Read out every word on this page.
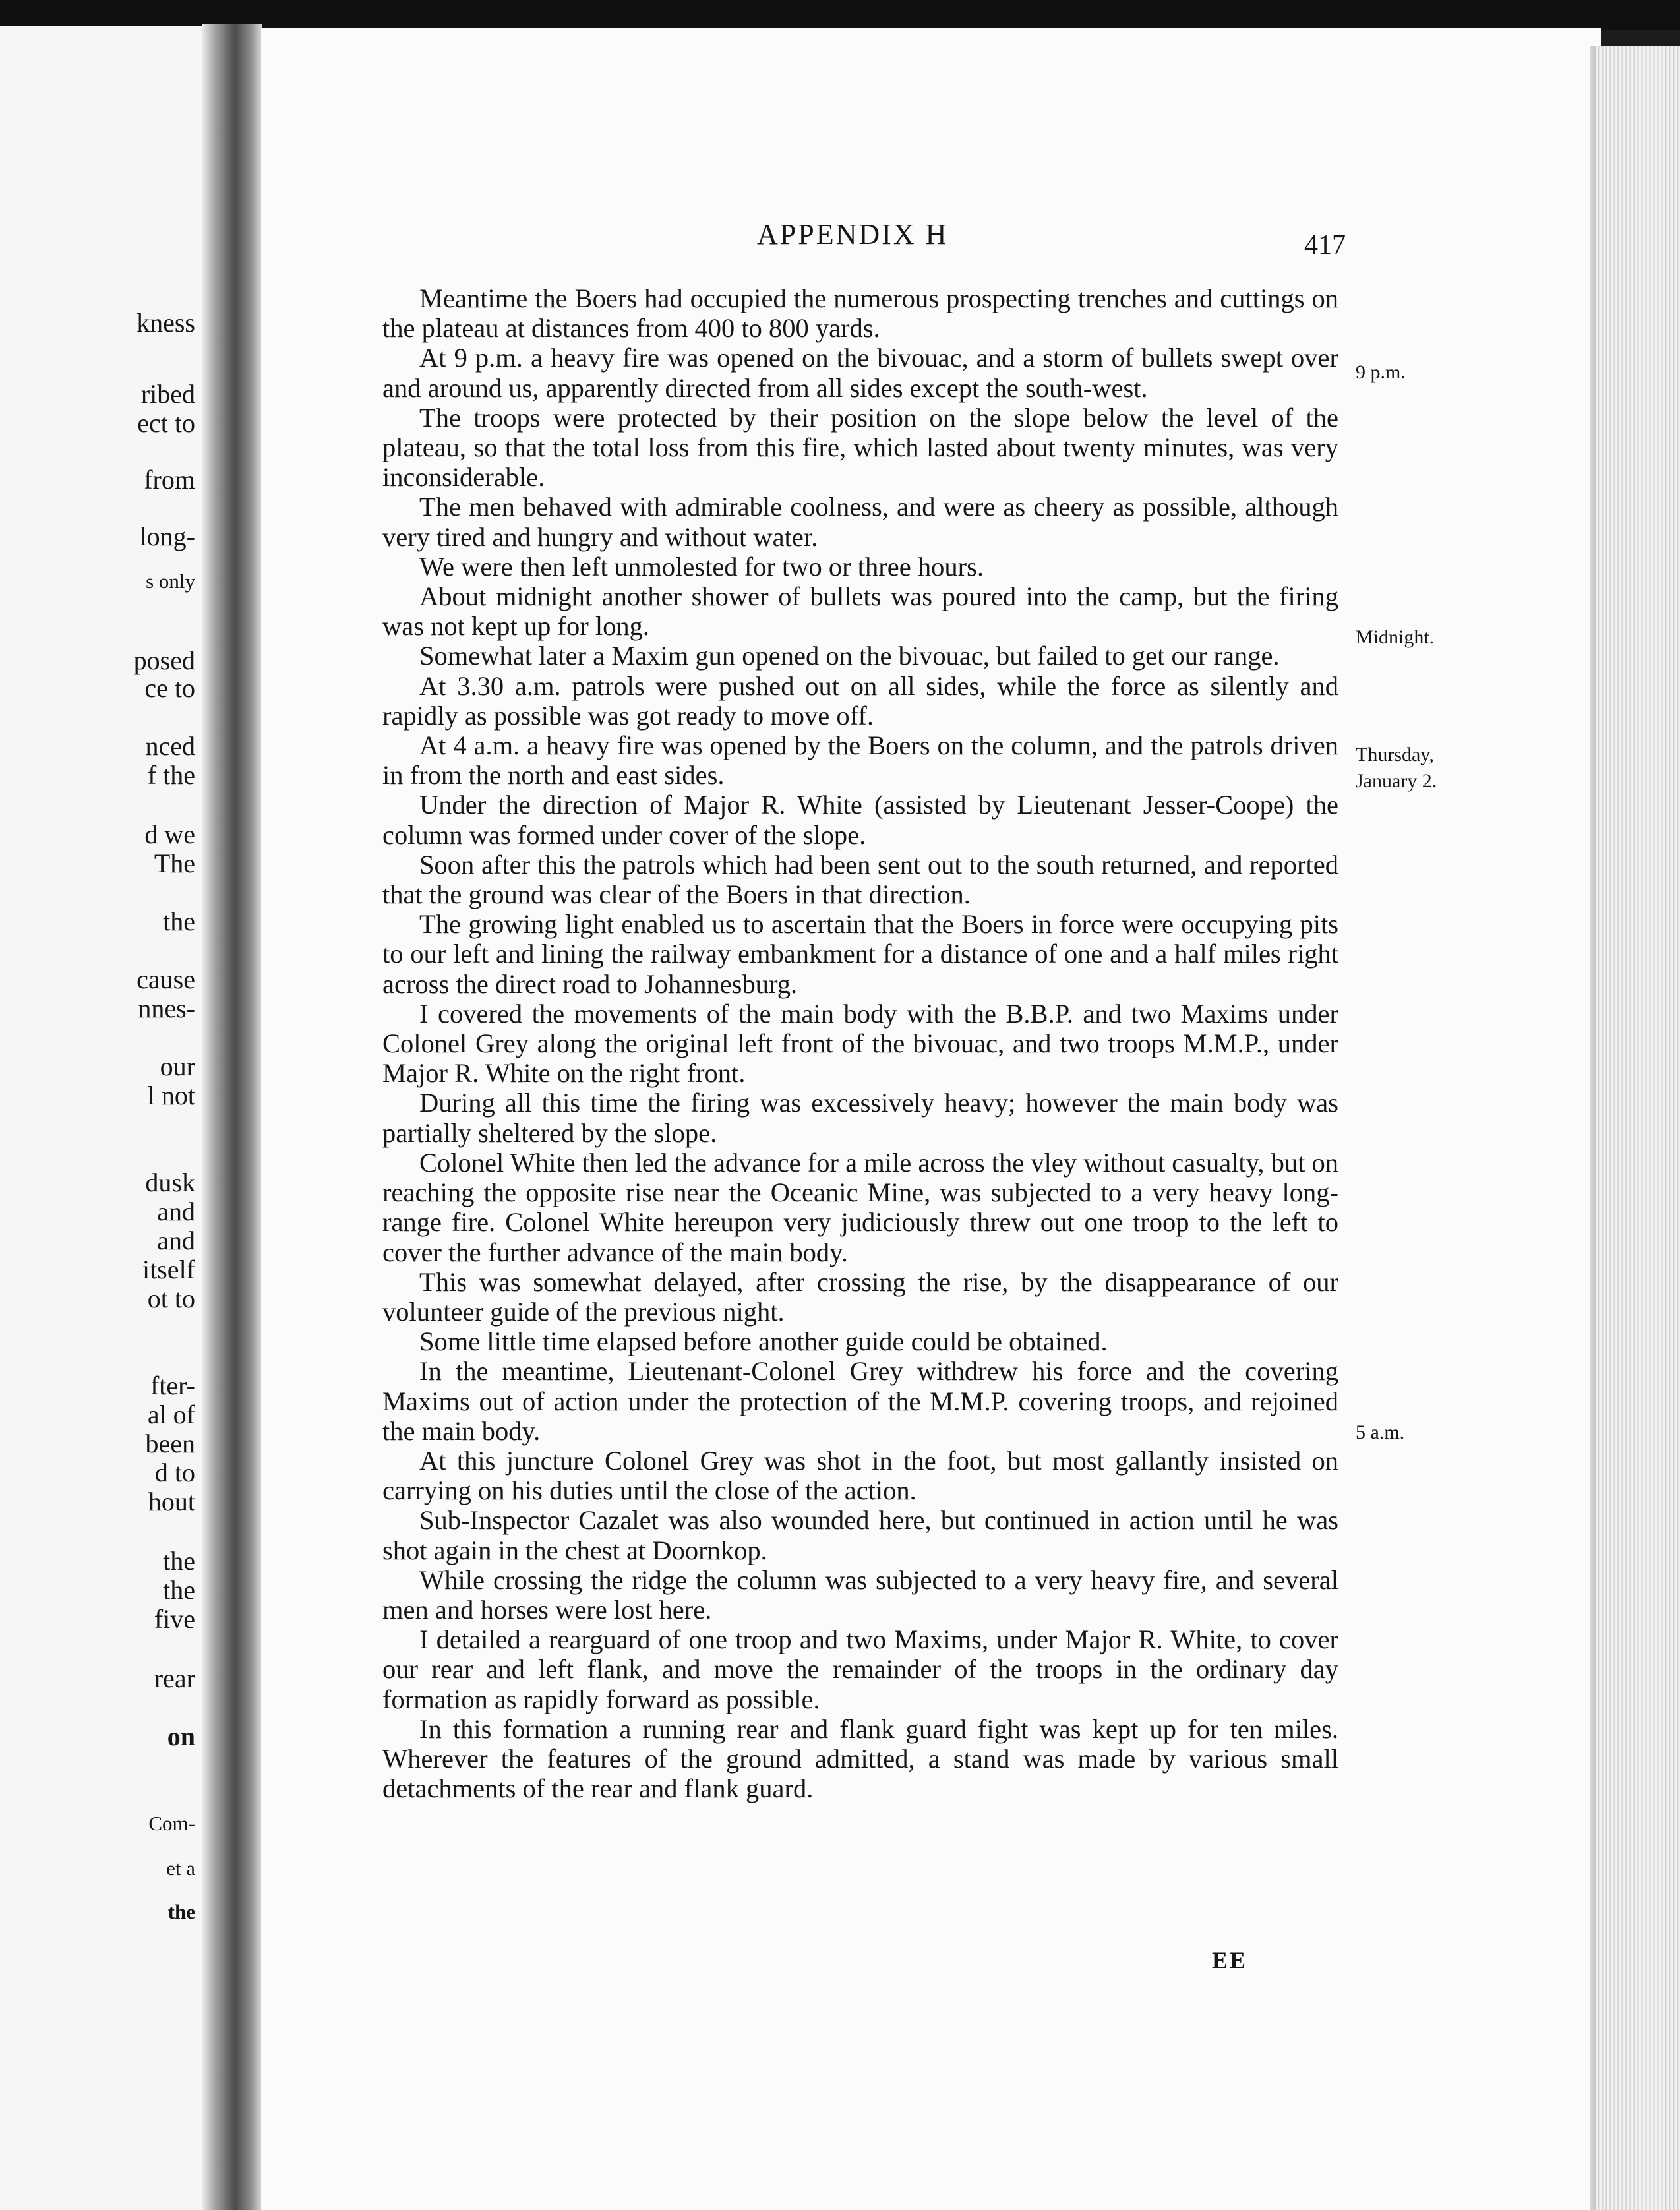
kness
ribed
ect to
from
long-
s only
posed
ce to
nced
f the
d we
The
the
cause
nnes-
our
l not
dusk
and
and
itself
ot to
fter-
al of
been
d to
hout
the
the
five
rear
on
Com-
et a
the
APPENDIX H	417

Meantime the Boers had occupied the numerous prospecting trenches and cuttings on the plateau at distances from 400 to 800 yards.

At 9 p.m. a heavy fire was opened on the bivouac, and a storm of bullets swept over and around us, apparently directed from all sides except the south-west.

The troops were protected by their position on the slope below the level of the plateau, so that the total loss from this fire, which lasted about twenty minutes, was very inconsiderable.

The men behaved with admirable coolness, and were as cheery as possible, although very tired and hungry and without water.

We were then left unmolested for two or three hours.

About midnight another shower of bullets was poured into the camp, but the firing was not kept up for long.

Somewhat later a Maxim gun opened on the bivouac, but failed to get our range.

At 3.30 a.m. patrols were pushed out on all sides, while the force as silently and rapidly as possible was got ready to move off.

At 4 a.m. a heavy fire was opened by the Boers on the column, and the patrols driven in from the north and east sides.

Under the direction of Major R. White (assisted by Lieutenant Jesser-Coope) the column was formed under cover of the slope.

Soon after this the patrols which had been sent out to the south returned, and reported that the ground was clear of the Boers in that direction.

The growing light enabled us to ascertain that the Boers in force were occupying pits to our left and lining the railway embankment for a distance of one and a half miles right across the direct road to Johannesburg.

I covered the movements of the main body with the B.B.P. and two Maxims under Colonel Grey along the original left front of the bivouac, and two troops M.M.P., under Major R. White on the right front.

During all this time the firing was excessively heavy; however the main body was partially sheltered by the slope.

Colonel White then led the advance for a mile across the vley without casualty, but on reaching the opposite rise near the Oceanic Mine, was subjected to a very heavy long-range fire. Colonel White hereupon very judiciously threw out one troop to the left to cover the further advance of the main body.

This was somewhat delayed, after crossing the rise, by the disappearance of our volunteer guide of the previous night.

Some little time elapsed before another guide could be obtained.

In the meantime, Lieutenant-Colonel Grey withdrew his force and the covering Maxims out of action under the protection of the M.M.P. covering troops, and rejoined the main body.

At this juncture Colonel Grey was shot in the foot, but most gallantly insisted on carrying on his duties until the close of the action.

Sub-Inspector Cazalet was also wounded here, but continued in action until he was shot again in the chest at Doornkop.

While crossing the ridge the column was subjected to a very heavy fire, and several men and horses were lost here.

I detailed a rearguard of one troop and two Maxims, under Major R. White, to cover our rear and left flank, and move the remainder of the troops in the ordinary day formation as rapidly forward as possible.

In this formation a running rear and flank guard fight was kept up for ten miles. Wherever the features of the ground admitted, a stand was made by various small detachments of the rear and flank guard.

9 p.m.
Midnight.
Thursday,
January 2.
5 a.m.
EE
